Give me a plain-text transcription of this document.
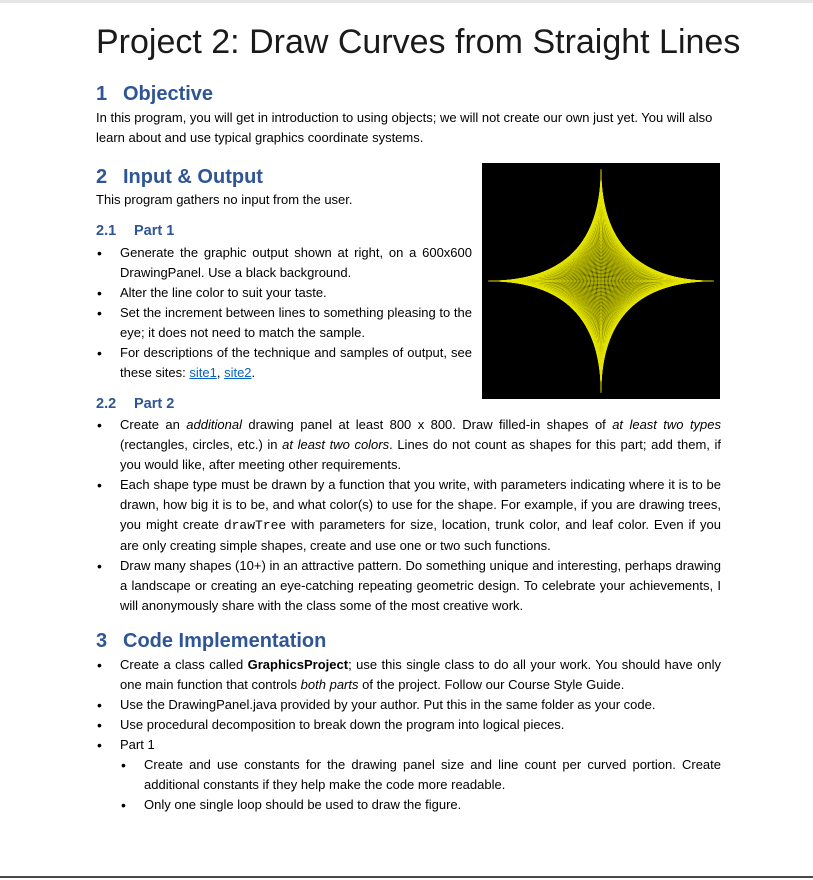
Project 2: Draw Curves from Straight Lines
1 Objective

In this program, you will get in introduction to using objects; we will not create our own just yet. You will also learn about and use typical graphics coordinate systems.

2 Input & Output

This program gathers no input from the user.

2.1 Part 1
• Generate the graphic output shown at right, on a 600x600 DrawingPanel. Use a black background.
• Alter the line color to suit your taste.
• Set the increment between lines to something pleasing to the eye; it does not need to match the sample.
• For descriptions of the technique and samples of output, see these sites: site1, site2.
2.2 Part 2
• Create an additional drawing panel at least 800 x 800. Draw filled-in shapes of at least two types (rectangles, circles, etc.) in at least two colors. Lines do not count as shapes for this part; add them, if you would like, after meeting other requirements.
• Each shape type must be drawn by a function that you write, with parameters indicating where it is to be drawn, how big it is to be, and what color(s) to use for the shape. For example, if you are drawing trees, you might create drawTree with parameters for size, location, trunk color, and leaf color. Even if you are only creating simple shapes, create and use one or two such functions.
• Draw many shapes (10+) in an attractive pattern. Do something unique and interesting, perhaps drawing a landscape or creating an eye-catching repeating geometric design. To celebrate your achievements, I will anonymously share with the class some of the most creative work.
3 Code Implementation
• Create a class called GraphicsProject; use this single class to do all your work. You should have only one main function that controls both parts of the project. Follow our Course Style Guide.
• Use the DrawingPanel.java provided by your author. Put this in the same folder as your code.
• Use procedural decomposition to break down the program into logical pieces.
• Part 1
• Create and use constants for the drawing panel size and line count per curved portion. Create additional constants if they help make the code more readable.
• Only one single loop should be used to draw the figure.
